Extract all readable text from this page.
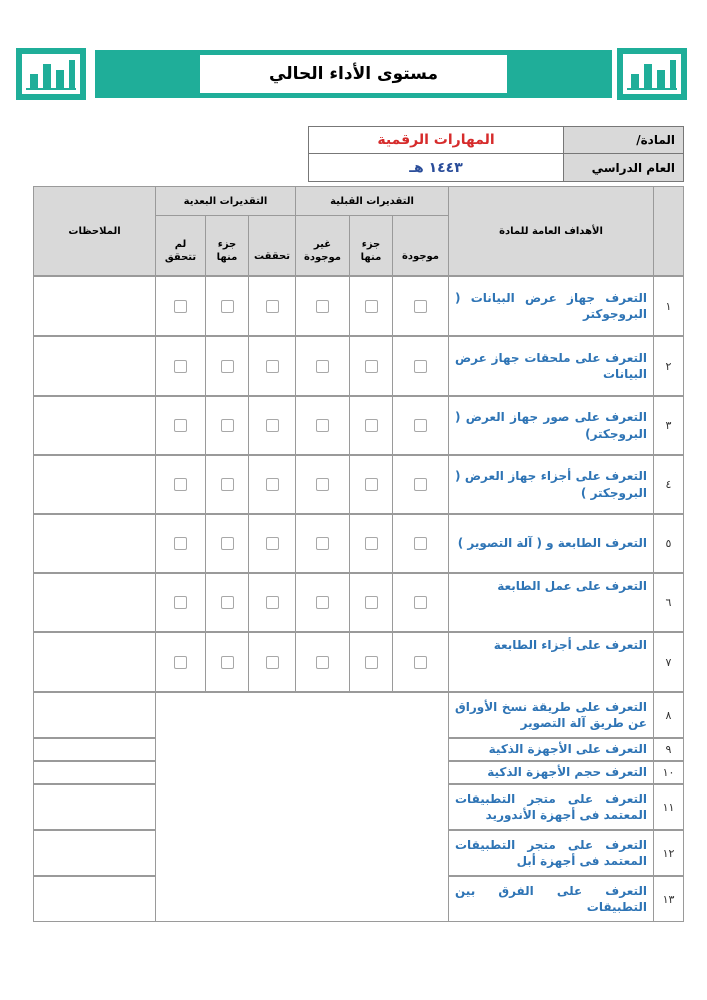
مستوى الأداء الحالي
المادة/
المهارات الرقمية
العام الدراسي
١٤٤٣ هـ
الأهداف العامة للمادة
التقديرات القبلية
التقديرات البعدية
الملاحظات
موجودة
جزء منها
غير موجودة
تحققت
جزء منها
لم تتحقق
١
التعرف جهاز عرض البيانات ( البروجوكتر
٢
التعرف على ملحقات جهاز عرض البيانات
٣
التعرف على صور جهاز العرض ( البروجكتر)
٤
التعرف على أجزاء جهاز العرض ( البروجكتر )
٥
التعرف الطابعة و ( آلة التصوير )
٦
التعرف على عمل الطابعة
٧
التعرف على أجزاء الطابعة
٨
التعرف على طريقة نسخ الأوراق عن طريق آلة التصوير
٩
التعرف على الأجهزة الذكية
١٠
التعرف حجم الأجهزة الذكية
١١
التعرف على متجر التطبيقات المعتمد فى أجهزة الأندوريد
١٢
التعرف على متجر التطبيقات المعتمد فى أجهزة أبل
١٣
التعرف على الفرق بين التطبيقات
